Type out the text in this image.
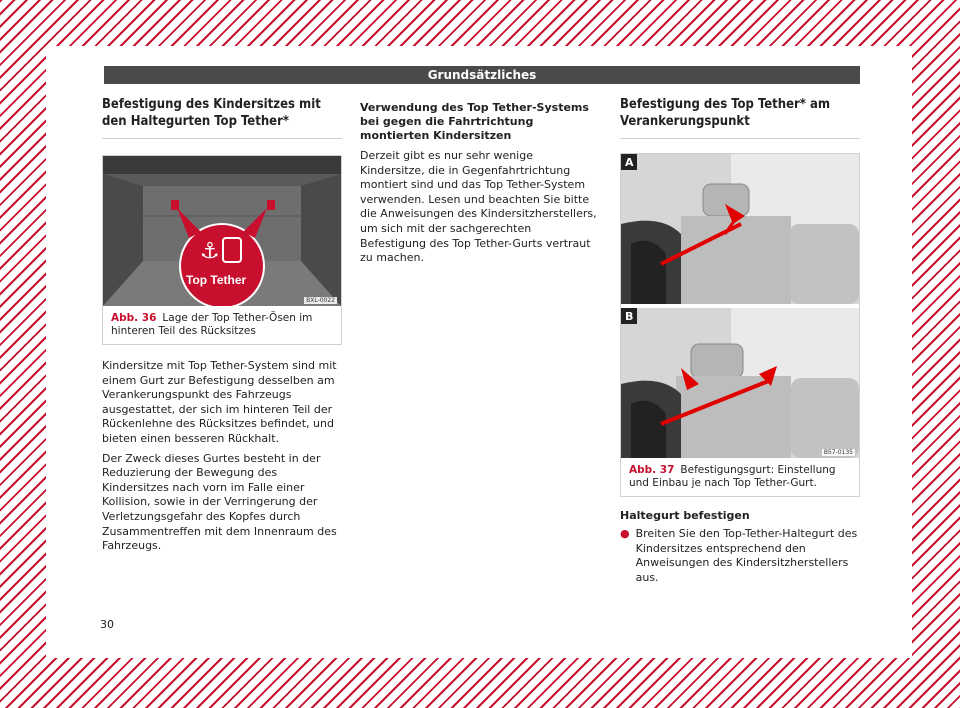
Grundsätzliches
Befestigung des Kindersitzes mit den Haltegurten Top Tether*
⚓
Top Tether
BXL-0022
Abb. 36 Lage der Top Tether-Ösen im hinteren Teil des Rücksitzes

Kindersitze mit Top Tether-System sind mit einem Gurt zur Befestigung desselben am Verankerungspunkt des Fahrzeugs ausgestattet, der sich im hinteren Teil der Rückenlehne des Rücksitzes befindet, und bieten einen besseren Rückhalt.

Der Zweck dieses Gurtes besteht in der Reduzierung der Bewegung des Kindersitzes nach vorn im Falle einer Kollision, sowie in der Verringerung der Verletzungsgefahr des Kopfes durch Zusammentreffen mit dem Innenraum des Fahrzeugs.

Verwendung des Top Tether-Systems bei gegen die Fahrtrichtung montierten Kindersitzen

Derzeit gibt es nur sehr wenige Kindersitze, die in Gegenfahrtrichtung montiert sind und das Top Tether-System verwenden. Lesen und beachten Sie bitte die Anweisungen des Kindersitzherstellers, um sich mit der sachgerechten Befestigung des Top Tether-Gurts vertraut zu machen.

Befestigung des Top Tether* am Verankerungspunkt
A
B
B57-0135
Abb. 37 Befestigungsgurt: Einstellung und Einbau je nach Top Tether-Gurt.
Haltegurt befestigen
● Breiten Sie den Top-Tether-Haltegurt des Kindersitzes entsprechend den Anweisungen des Kindersitzherstellers aus.
30
